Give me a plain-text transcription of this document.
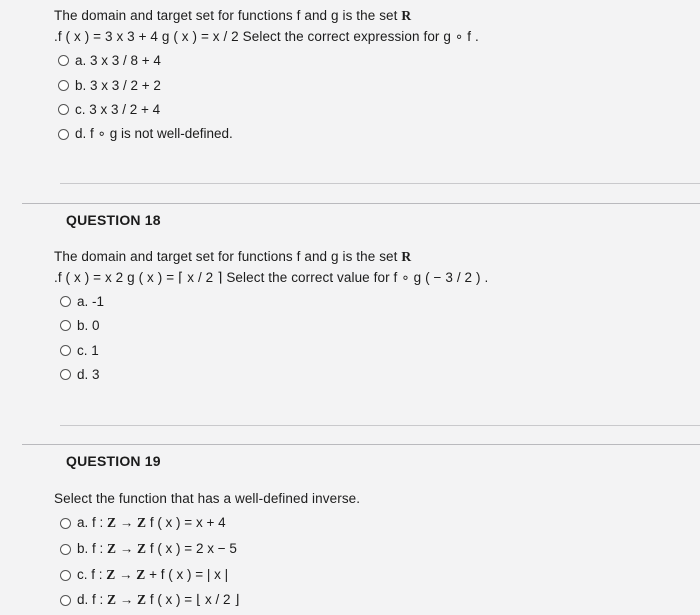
The domain and target set for functions f and g is the set R
.f ( x ) = 3 x 3 + 4 g ( x ) = x / 2 Select the correct expression for g ∘ f .
a. 3 x 3 / 8 + 4
b. 3 x 3 / 2 + 2
c. 3 x 3 / 2 + 4
d. f ∘ g is not well-defined.
QUESTION 18
The domain and target set for functions f and g is the set R
.f ( x ) = x 2 g ( x ) = ⌈ x / 2 ⌉ Select the correct value for f ∘ g ( − 3 / 2 ) .
a. -1
b. 0
c. 1
d. 3
QUESTION 19
Select the function that has a well-defined inverse.
a. f : Z → Z f ( x ) = x + 4
b. f : Z → Z f ( x ) = 2 x − 5
c. f : Z → Z + f ( x ) = | x |
d. f : Z → Z f ( x ) = ⌊ x / 2 ⌋
